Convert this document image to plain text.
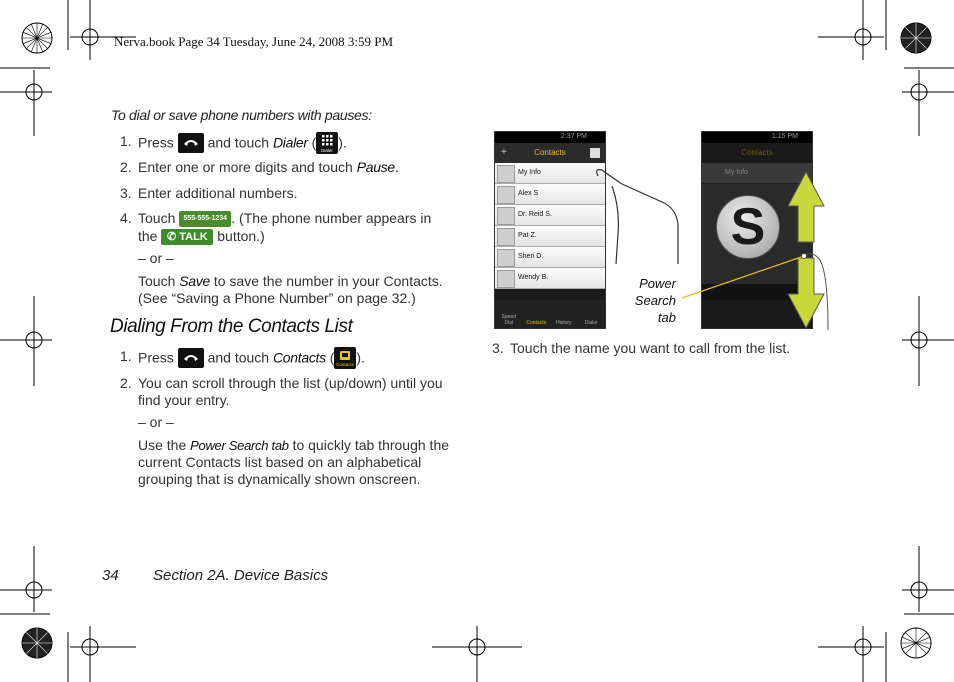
Nerva.book Page 34 Tuesday, June 24, 2008 3:59 PM
To dial or save phone numbers with pauses:
1. Press and touch Dialer ( Dialer ).
2. Enter one or more digits and touch Pause.
3. Enter additional numbers.
4. Touch 555-555-1234 . (The phone number appears in
the ✆ TALK button.)
– or –
Touch Save to save the number in your Contacts.
(See “Saving a Phone Number” on page 32.)
Dialing From the Contacts List
1. Press and touch Contacts ( Contacts ).
2. You can scroll through the list (up/down) until you
find your entry.
– or –
Use the Power Search tab to quickly tab through the
current Contacts list based on an alphabetical
grouping that is dynamically shown onscreen.
3. Touch the name you want to call from the list.
2:37 PM
+	Contacts
My Info
Alex S
Dr. Reid S.
Pat Z.
Sheri D.
Wendy B.
Speed Dial	Contacts	History	Dialer
1:15 PM
Contacts
My Info
S
Power
Search
tab
34 Section 2A. Device Basics
